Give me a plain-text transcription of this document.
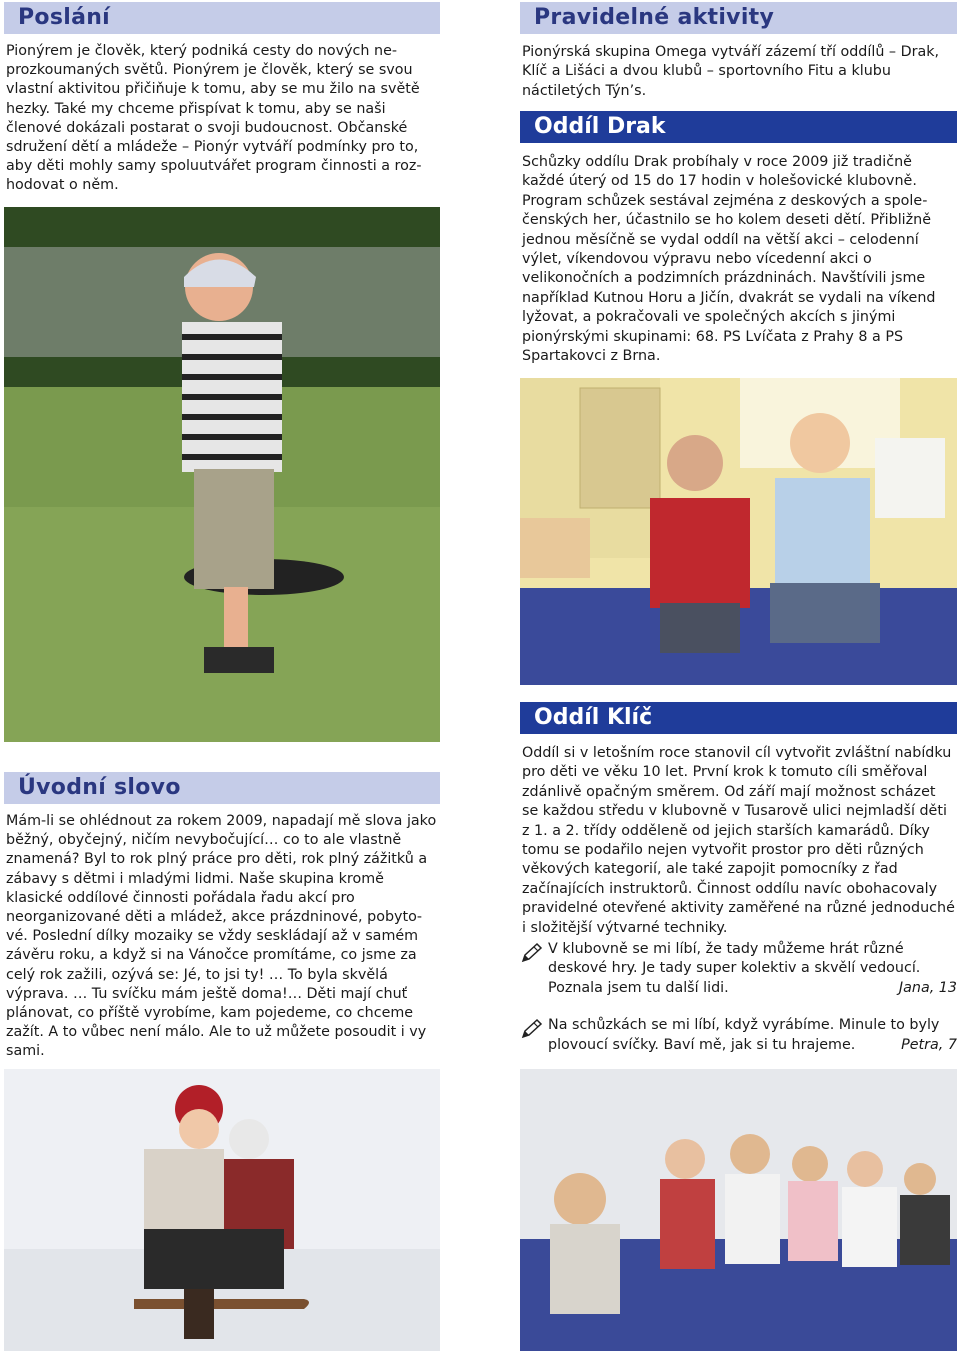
Poslání

Pionýrem je člověk, který podniká cesty do nových neprozkoumaných světů. Pionýrem je člověk, který se svou vlastní aktivitou přičiňuje k tomu, aby se mu žilo na světě hezky. Také my chceme přispívat k tomu, aby se naši členové dokázali postarat o svoji budoucnost. Občanské sdružení dětí a mládeže – Pionýr vytváří podmínky pro to, aby děti mohly samy spoluutvářet program činnosti a rozhodovat o něm.

Úvodní slovo

Mám-li se ohlédnout za rokem 2009, napadají mě slova jako běžný, obyčejný, ničím nevybočující… co to ale vlastně znamená? Byl to rok plný práce pro děti, rok plný zážitků a zábavy s dětmi i mladými lidmi. Naše skupina kromě klasické oddílové činnosti pořádala řadu akcí pro neorganizované děti a mládež, akce prázdninové, pobytové. Poslední dílky mozaiky se vždy seskládají až v samém závěru roku, a když si na Vánočce promítáme, co jsme za celý rok zažili, ozývá se: Jé, to jsi ty! … To byla skvělá výprava. … Tu svíčku mám ještě doma!… Děti mají chuť plánovat, co příště vyrobíme, kam pojedeme, co chceme zažít. A to vůbec není málo. Ale to už můžete posoudit i vy sami.

Pravidelné aktivity

Pionýrská skupina Omega vytváří zázemí tří oddílů – Drak, Klíč a Lišáci a dvou klubů – sportovního Fitu a klubu náctiletých Týn’s.

Oddíl Drak

Schůzky oddílu Drak probíhaly v roce 2009 již tradičně každé úterý od 15 do 17 hodin v holešovické klubovně. Program schůzek sestával zejména z deskových a společenských her, účastnilo se ho kolem deseti dětí. Přibližně jednou měsíčně se vydal oddíl na větší akci – celodenní výlet, víkendovou výpravu nebo vícedenní akci o velikonočních a podzimních prázdninách. Navštívili jsme například Kutnou Horu a Jičín, dvakrát se vydali na víkend lyžovat, a pokračovali ve společných akcích s jinými pionýrskými skupinami: 68. PS Lvíčata z Prahy 8 a PS Spartakovci z Brna.

Oddíl Klíč

Oddíl si v letošním roce stanovil cíl vytvořit zvláštní nabídku pro děti ve věku 10 let. První krok k tomuto cíli směřoval zdánlivě opačným směrem. Od září mají možnost scházet se každou středu v klubovně v Tusarově ulici nejmladší děti z 1. a 2. třídy odděleně od jejich starších kamarádů. Díky tomu se podařilo nejen vytvořit prostor pro děti různých věkových kategorií, ale také zapojit pomocníky z řad začínajících instruktorů. Činnost oddílu navíc obohacovaly pravidelné otevřené aktivity zaměřené na různé jednoduché i složitější výtvarné techniky.

V klubovně se mi líbí, že tady můžeme hrát různé deskové hry. Je tady super kolektiv a skvělí vedoucí. Poznala jsem tu další lidi.	Jana, 13
Na schůzkách se mi líbí, když vyrábíme. Minule to byly plovoucí svíčky. Baví mě, jak si tu hrajeme.	Petra, 7
